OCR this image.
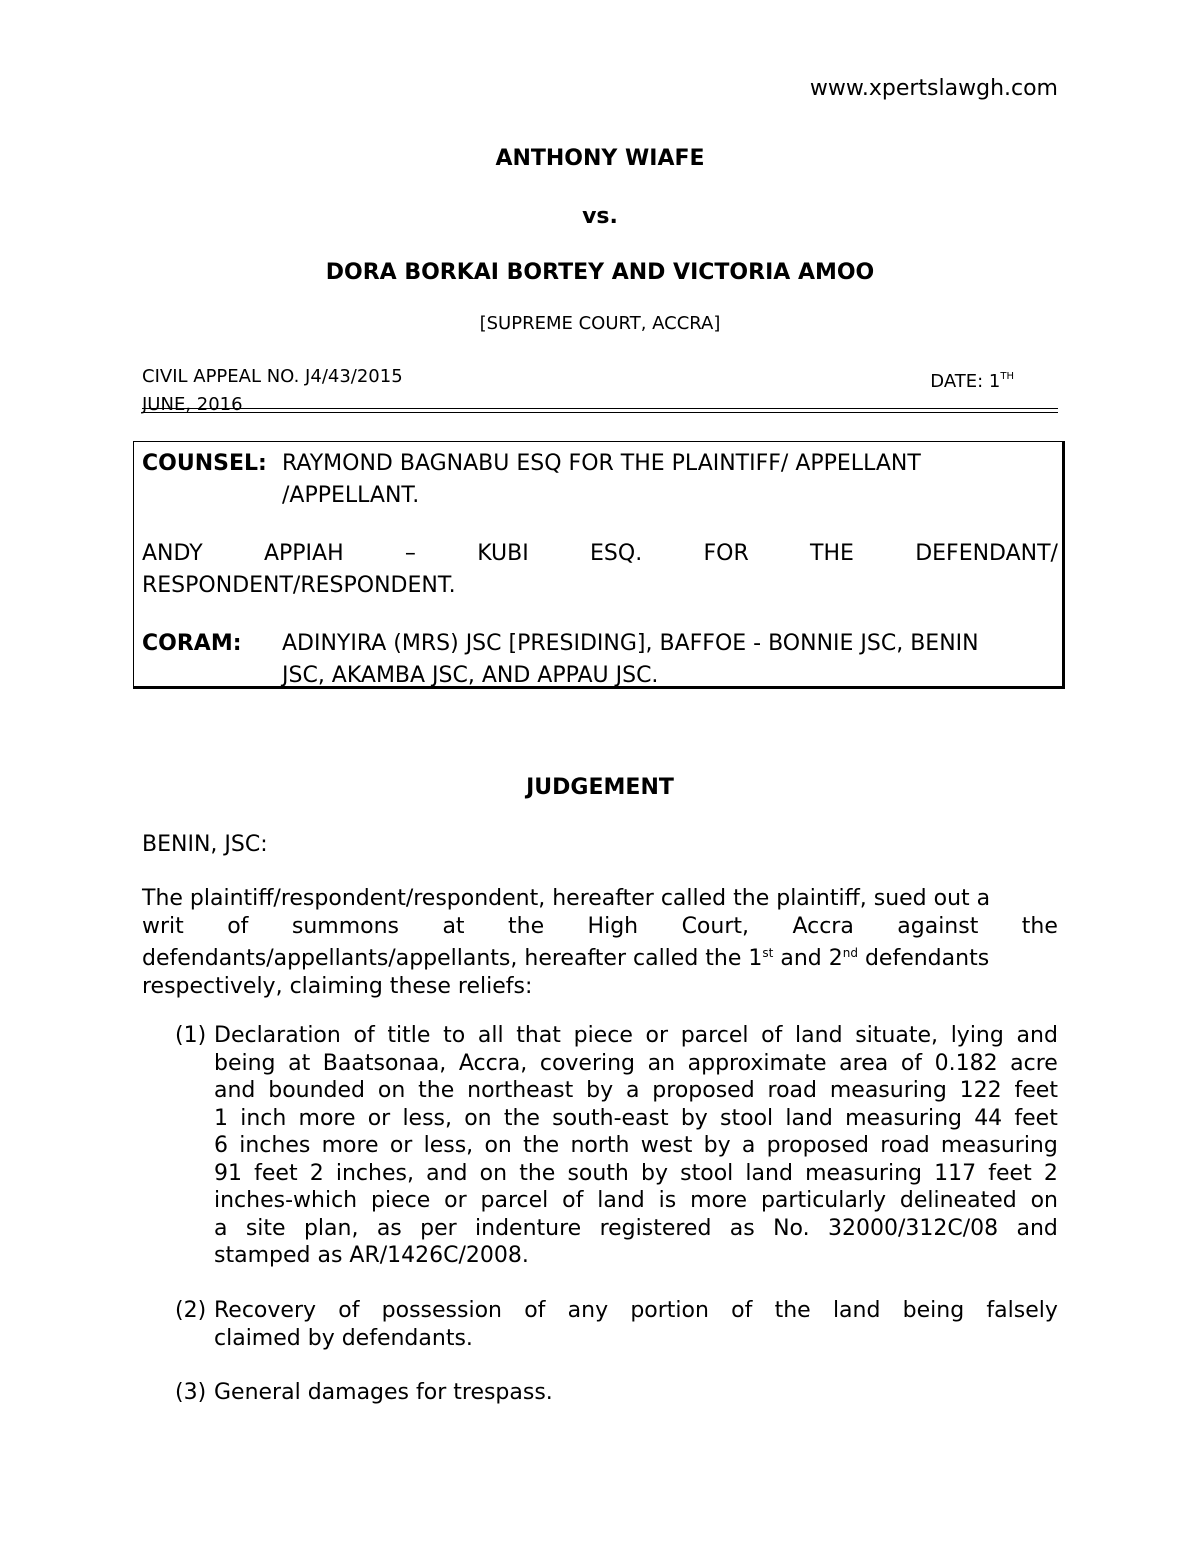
www.xpertslawgh.com
ANTHONY WIAFE
vs.
DORA BORKAI BORTEY AND VICTORIA AMOO
[SUPREME COURT, ACCRA]
CIVIL APPEAL NO. J4/43/2015	DATE: 1TH
JUNE, 2016
COUNSEL: RAYMOND BAGNABU ESQ FOR THE PLAINTIFF/ APPELLANT
/APPELLANT.
ANDY	APPIAH	–	KUBI	ESQ.	FOR	THE	DEFENDANT/
RESPONDENT/RESPONDENT.
CORAM: ADINYIRA (MRS) JSC [PRESIDING], BAFFOE - BONNIE JSC, BENIN
JSC, AKAMBA JSC, AND APPAU JSC.
JUDGEMENT
BENIN, JSC:
The plaintiff/respondent/respondent, hereafter called the plaintiff, sued out a
writ of summons at the High Court, Accra against the
defendants/appellants/appellants, hereafter called the 1st and 2nd defendants
respectively, claiming these reliefs:
(1) Declaration of title to all that piece or parcel of land situate, lying and
being at Baatsonaa, Accra, covering an approximate area of 0.182 acre
and bounded on the northeast by a proposed road measuring 122 feet
1 inch more or less, on the south-east by stool land measuring 44 feet
6 inches more or less, on the north west by a proposed road measuring
91 feet 2 inches, and on the south by stool land measuring 117 feet 2
inches-which piece or parcel of land is more particularly delineated on
a site plan, as per indenture registered as No. 32000/312C/08 and
stamped as AR/1426C/2008.
(2) Recovery of possession of any portion of the land being falsely
claimed by defendants.
(3) General damages for trespass.
